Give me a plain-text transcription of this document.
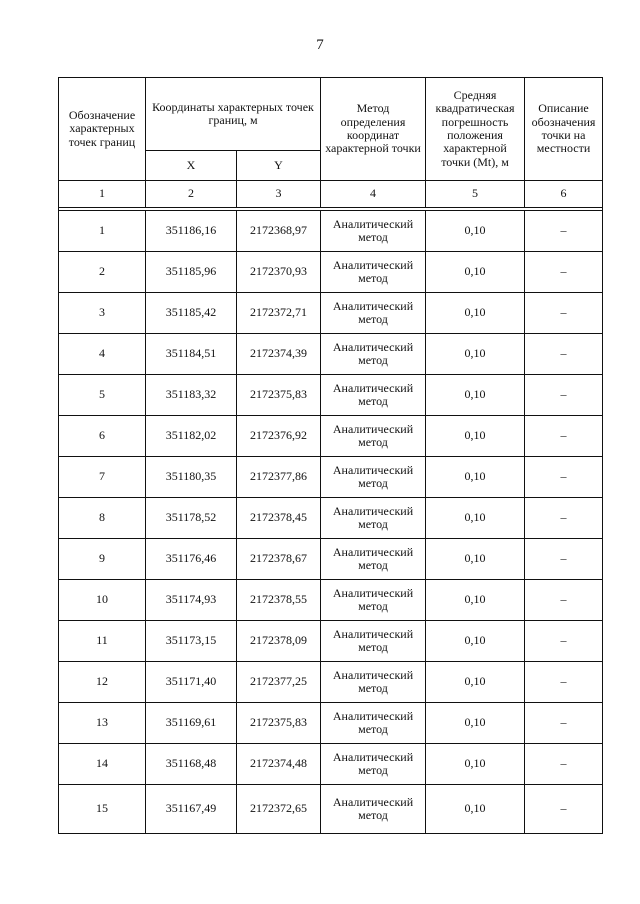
7
Обозначение характерных точек границ	Координаты характерных точек границ, м		Метод определения координат характерной точки	Средняя квадратическая погрешность положения характерной точки (Mt), м	Описание обозначения точки на местности
	X	Y			
1	2	3	4	5	6

1	351186,16	2172368,97	Аналитический метод	0,10	–
2	351185,96	2172370,93	Аналитический метод	0,10	–
3	351185,42	2172372,71	Аналитический метод	0,10	–
4	351184,51	2172374,39	Аналитический метод	0,10	–
5	351183,32	2172375,83	Аналитический метод	0,10	–
6	351182,02	2172376,92	Аналитический метод	0,10	–
7	351180,35	2172377,86	Аналитический метод	0,10	–
8	351178,52	2172378,45	Аналитический метод	0,10	–
9	351176,46	2172378,67	Аналитический метод	0,10	–
10	351174,93	2172378,55	Аналитический метод	0,10	–
11	351173,15	2172378,09	Аналитический метод	0,10	–
12	351171,40	2172377,25	Аналитический метод	0,10	–
13	351169,61	2172375,83	Аналитический метод	0,10	–
14	351168,48	2172374,48	Аналитический метод	0,10	–
15	351167,49	2172372,65	Аналитический метод	0,10	–
